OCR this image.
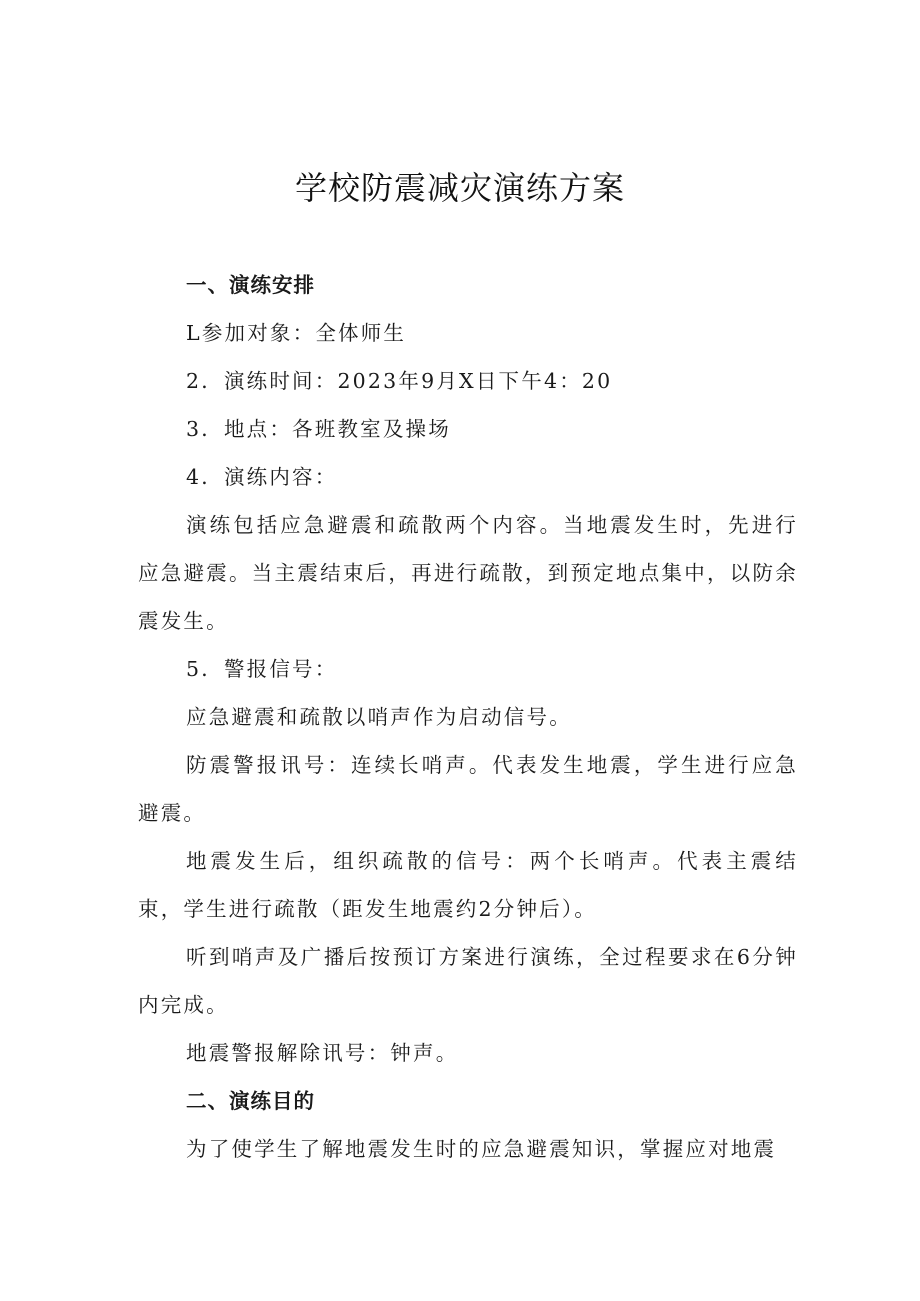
学校防震减灾演练方案

一、演练安排

L参加对象：全体师生

2．演练时间：2023年9月X日下午4：20

3．地点：各班教室及操场

4．演练内容：

演练包括应急避震和疏散两个内容。当地震发生时，先进行应急避震。当主震结束后，再进行疏散，到预定地点集中，以防余震发生。

5．警报信号：

应急避震和疏散以哨声作为启动信号。

防震警报讯号：连续长哨声。代表发生地震，学生进行应急避震。

地震发生后，组织疏散的信号：两个长哨声。代表主震结束，学生进行疏散（距发生地震约2分钟后）。

听到哨声及广播后按预订方案进行演练，全过程要求在6分钟内完成。

地震警报解除讯号：钟声。

二、演练目的

为了使学生了解地震发生时的应急避震知识，掌握应对地震
